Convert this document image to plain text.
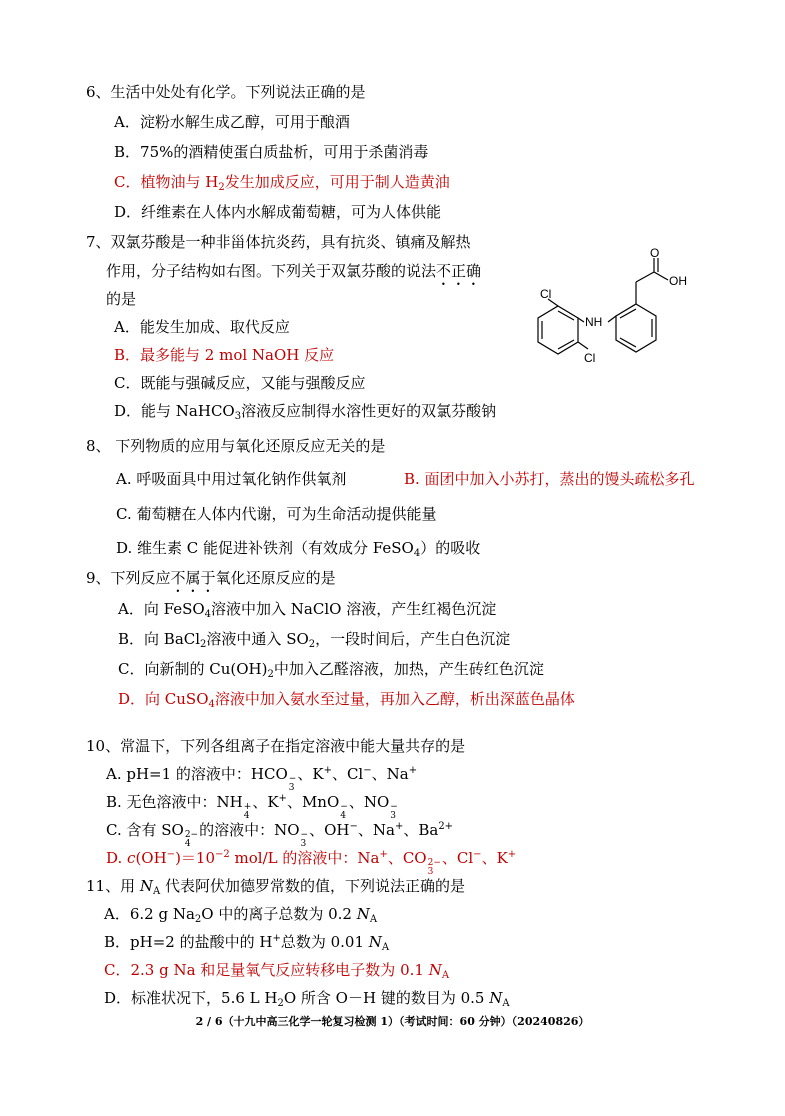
6、生活中处处有化学。下列说法正确的是
A．淀粉水解生成乙醇，可用于酿酒
B．75%的酒精使蛋白质盐析，可用于杀菌消毒
C．植物油与 $H_2$发生加成反应，可用于制人造黄油
D．纤维素在人体内水解成葡萄糖，可为人体供能
7、双氯芬酸是一种非甾体抗炎药，具有抗炎、镇痛及解热
作用，分子结构如右图。下列关于双氯芬酸的说法不正确
的是
A．能发生加成、取代反应
B．最多能与 2 mol NaOH 反应
C．既能与强碱反应，又能与强酸反应
D．能与 NaHCO$_3$溶液反应制得水溶性更好的双氯芬酸钠
O
OH
Cl
Cl
NH
8、 下列物质的应用与氧化还原反应无关的是
A. 呼吸面具中用过氧化钠作供氧剂	B. 面团中加入小苏打，蒸出的馒头疏松多孔
C. 葡萄糖在人体内代谢，可为生命活动提供能量
D. 维生素 C 能促进补铁剂（有效成分 FeSO$_4$）的吸收
9、下列反应不属于氧化还原反应的是
A．向 FeSO$_4$溶液中加入 NaClO 溶液，产生红褐色沉淀
B．向 BaCl$_2$溶液中通入 $SO_2$，一段时间后，产生白色沉淀
C．向新制的 $Cu(OH)_2$中加入乙醛溶液，加热，产生砖红色沉淀
D．向 CuSO$_4$溶液中加入氨水至过量，再加入乙醇，析出深蓝色晶体
10、常温下，下列各组离子在指定溶液中能大量共存的是
A. pH=1 的溶液中：HCO −
3
、K+、Cl−、Na+
B. 无色溶液中：NH +
4
、K+、MnO −
4
、NO −
3
C. 含有 SO 2−
4
的溶液中：NO −
3
、OH−、Na+、$Ba^{2+}$
D. $c(OH^-)=10^{-2}$ mol/L 的溶液中：Na+、CO 2−
3
、Cl−、K+
11、用 $N_A$ 代表阿伏加德罗常数的值，下列说法正确的是
A．6.2 g $Na_2O$ 中的离子总数为 0.2 $N_A$
B．pH=2 的盐酸中的 H+总数为 0.01 $N_A$
C．2.3 g Na 和足量氧气反应转移电子数为 0.1 $N_A$
D．标准状况下，5.6 L $H_2O$ 所含 O－H 键的数目为 0.5 $N_A$
2 / 6（十九中高三化学一轮复习检测 1）（考试时间：60 分钟）（20240826）
